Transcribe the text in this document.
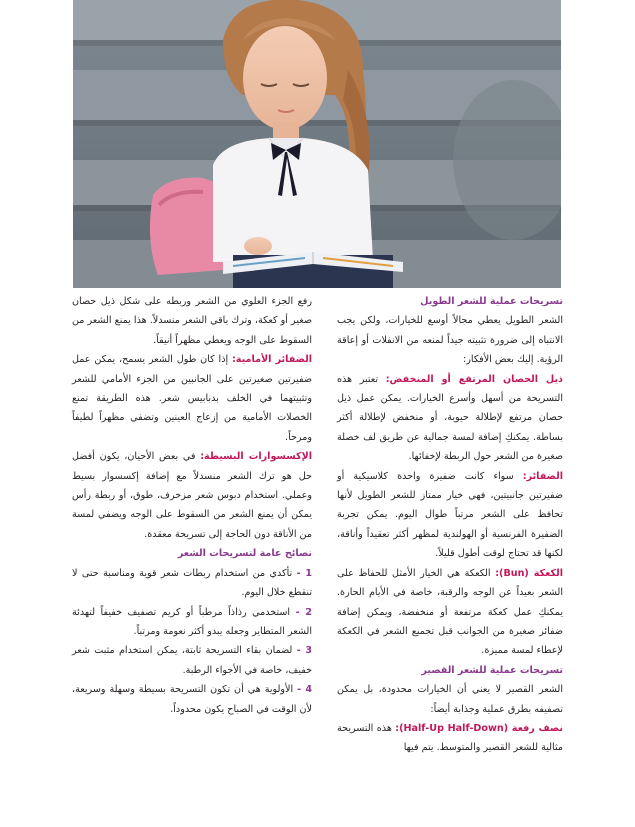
تسريحات عملية للشعر الطويل

الشعر الطويل يعطي مجالاً أوسع للخيارات، ولكن يجب الانتباه إلى ضرورة تثبيته جيداً لمنعه من الانفلات أو إعاقة الرؤية. إليك بعض الأفكار:

ذيل الحصان المرتفع أو المنخفض: تعتبر هذه التسريحة من أسهل وأسرع الخيارات. يمكن عمل ذيل حصان مرتفع لإطلالة حيوية، أو منخفض لإطلالة أكثر بساطة. يمكنكِ إضافة لمسة جمالية عن طريق لف خصلة صغيرة من الشعر حول الربطة لإخفائها.

الضفائر: سواء كانت ضفيرة واحدة كلاسيكية أو ضفيرتين جانبيتين، فهي خيار ممتاز للشعر الطويل لأنها تحافظ على الشعر مرتباً طوال اليوم. يمكن تجربة الضفيرة الفرنسية أو الهولندية لمظهر أكثر تعقيداً وأناقة، لكنها قد تحتاج لوقت أطول قليلاً.

الكعكة (Bun): الكعكة هي الخيار الأمثل للحفاظ على الشعر بعيداً عن الوجه والرقبة، خاصة في الأيام الحارة. يمكنكِ عمل كعكة مرتفعة أو منخفضة، ويمكن إضافة ضفائر صغيرة من الجوانب قبل تجميع الشعر في الكعكة لإعطاء لمسة مميزة.

تسريحات عملية للشعر القصير

الشعر القصير لا يعني أن الخيارات محدودة، بل يمكن تصفيفه بطرق عملية وجذابة أيضاً:

نصف رفعة (Half-Up Half-Down): هذه التسريحة مثالية للشعر القصير والمتوسط. يتم فيها

رفع الجزء العلوي من الشعر وربطه على شكل ذيل حصان صغير أو كعكة، وترك باقي الشعر منسدلاً. هذا يمنع الشعر من السقوط على الوجه ويعطي مظهراً أنيقاً.

الضفائر الأمامية: إذا كان طول الشعر يسمح، يمكن عمل ضفيرتين صغيرتين على الجانبين من الجزء الأمامي للشعر وتثبيتهما في الخلف بدبابيس شعر. هذه الطريقة تمنع الخصلات الأمامية من إزعاج العينين وتضفي مظهراً لطيفاً ومرحاً.

الإكسسوارات البسيطة: في بعض الأحيان، يكون أفضل حل هو ترك الشعر منسدلاً مع إضافة إكسسوار بسيط وعملي. استخدام دبوس شعر مزخرف، طوق، أو ربطة رأس يمكن أن يمنع الشعر من السقوط على الوجه ويضفي لمسة من الأناقة دون الحاجة إلى تسريحة معقدة.

نصائح عامة لتسريحات الشعر

1 - تأكدي من استخدام ربطات شعر قوية ومناسبة حتى لا تنقطع خلال اليوم.

2 - استخدمي رذاذاً مرطباً أو كريم تصفيف خفيفاً لتهدئة الشعر المتطاير وجعله يبدو أكثر نعومة ومرتباً.

3 - لضمان بقاء التسريحة ثابتة، يمكن استخدام مثبت شعر خفيف، خاصة في الأجواء الرطبة.

4 - الأولوية هي أن تكون التسريحة بسيطة وسهلة وسريعة، لأن الوقت في الصباح يكون محدوداً.
